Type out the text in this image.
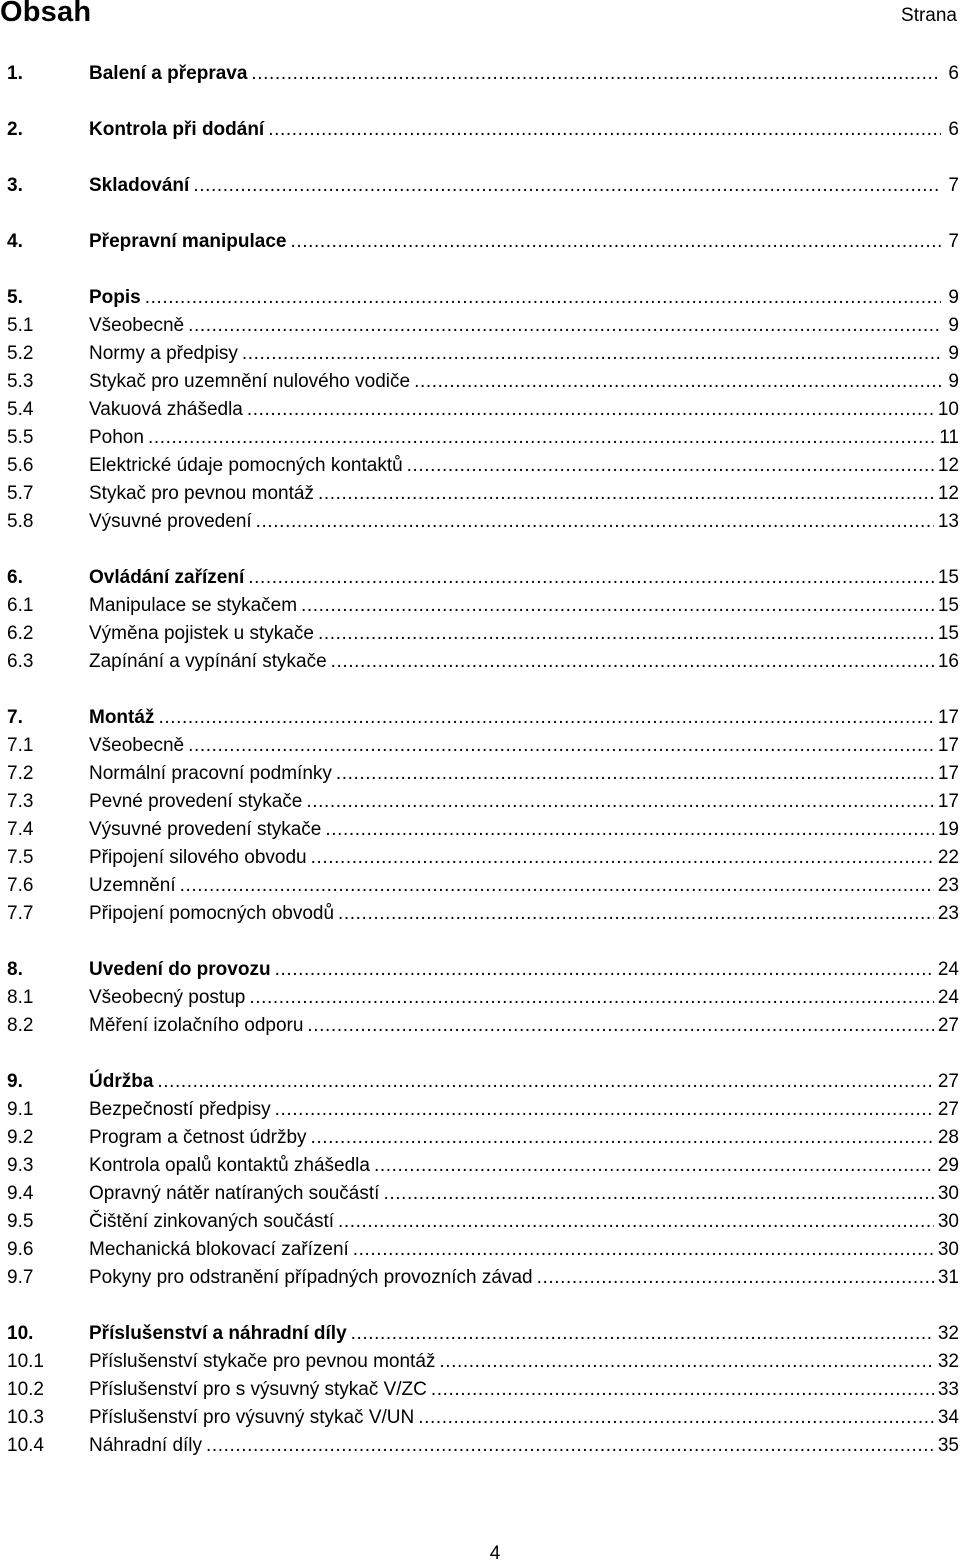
Obsah	Strana
1.	Balení a přeprava .....	6
2.	Kontrola při dodání .....	6
3.	Skladování .....	7
4.	Přepravní manipulace .....	7
5.	Popis .....	9
5.1	Všeobecně .....	9
5.2	Normy a předpisy .....	9
5.3	Stykač pro uzemnění nulového vodiče .....	9
5.4	Vakuová zhášedla .....	10
5.5	Pohon .....	11
5.6	Elektrické údaje pomocných kontaktů .....	12
5.7	Stykač pro pevnou montáž .....	12
5.8	Výsuvné provedení .....	13
6.	Ovládání zařízení .....	15
6.1	Manipulace se stykačem .....	15
6.2	Výměna pojistek u stykače .....	15
6.3	Zapínání a vypínání stykače .....	16
7.	Montáž .....	17
7.1	Všeobecně .....	17
7.2	Normální pracovní podmínky .....	17
7.3	Pevné provedení stykače .....	17
7.4	Výsuvné provedení stykače .....	19
7.5	Připojení silového obvodu .....	22
7.6	Uzemnění .....	23
7.7	Připojení pomocných obvodů .....	23
8.	Uvedení do provozu .....	24
8.1	Všeobecný postup .....	24
8.2	Měření izolačního odporu .....	27
9.	Údržba .....	27
9.1	Bezpečností předpisy .....	27
9.2	Program a četnost údržby .....	28
9.3	Kontrola opalů kontaktů zhášedla .....	29
9.4	Opravný nátěr natíraných součástí .....	30
9.5	Čištění zinkovaných součástí .....	30
9.6	Mechanická blokovací zařízení .....	30
9.7	Pokyny pro odstranění případných provozních závad .....	31
10.	Příslušenství a náhradní díly .....	32
10.1	Příslušenství stykače pro pevnou montáž .....	32
10.2	Příslušenství pro s výsuvný stykač V/ZC .....	33
10.3	Příslušenství pro výsuvný stykač V/UN .....	34
10.4	Náhradní díly .....	35
4
